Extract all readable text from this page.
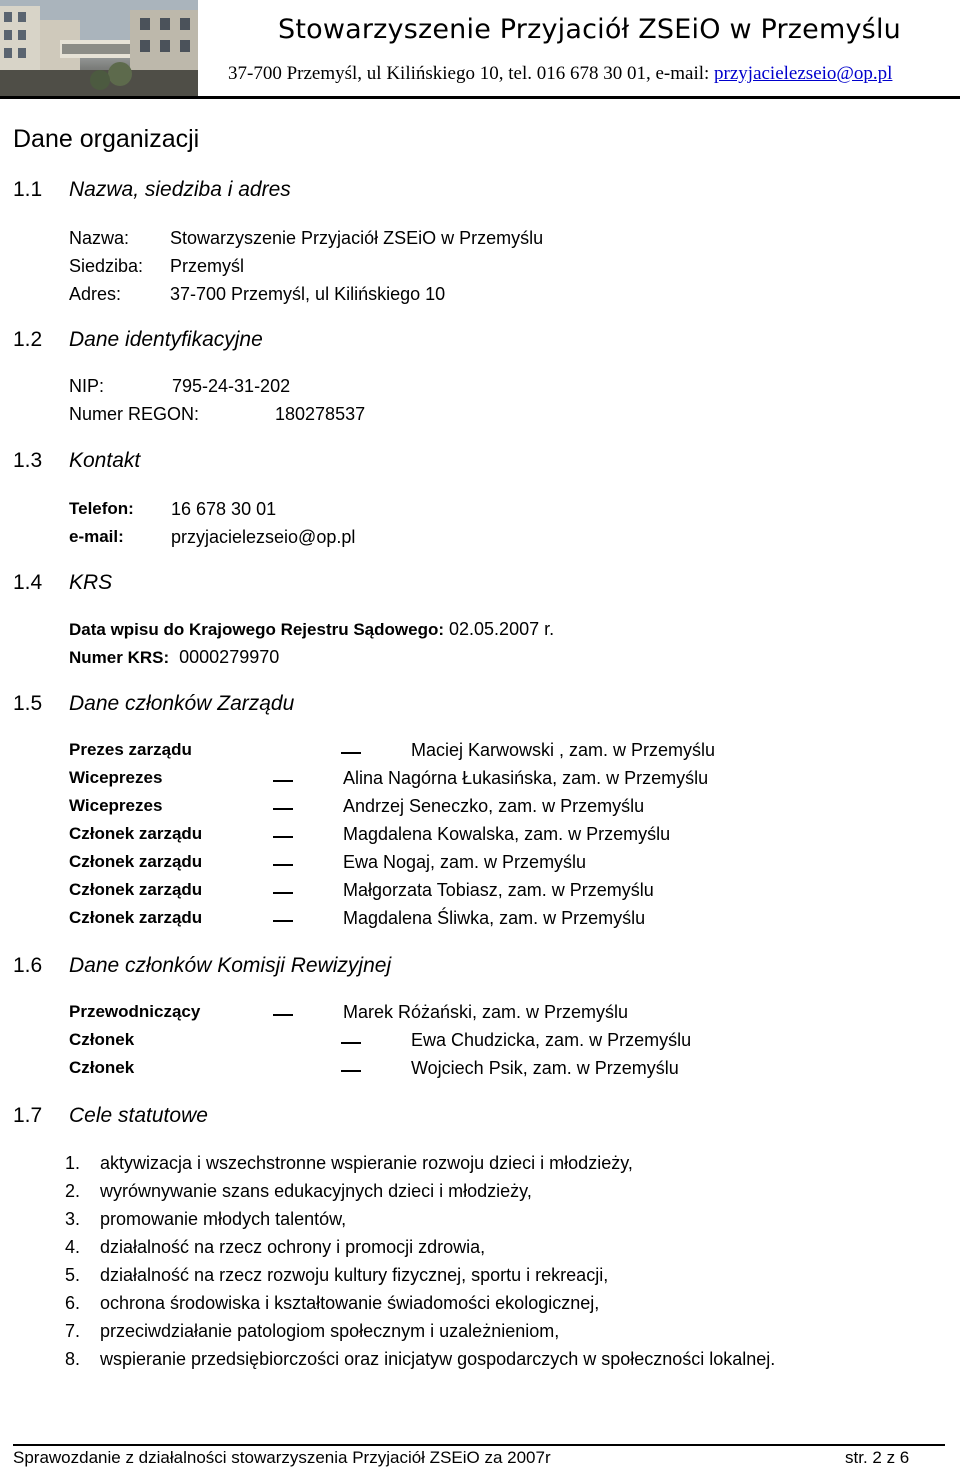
Stowarzyszenie Przyjaciół ZSEiO w Przemyślu
37-700 Przemyśl, ul Kilińskiego 10, tel. 016 678 30 01, e-mail: przyjacielezseio@op.pl
Dane organizacji
1.1 Nazwa, siedziba i adres
Nazwa: Stowarzyszenie Przyjaciół ZSEiO w Przemyślu
Siedziba: Przemyśl
Adres:	37-700 Przemyśl, ul Kilińskiego 10
1.2 Dane identyfikacyjne
NIP:	795-24-31-202
Numer REGON:	180278537
1.3 Kontakt
Telefon: 16 678 30 01
e-mail:	przyjacielezseio@op.pl
1.4 KRS
Data wpisu do Krajowego Rejestru Sądowego: 02.05.2007 r.
Numer KRS: 0000279970
1.5 Dane członków Zarządu
Prezes zarządu	Maciej Karwowski , zam. w Przemyślu
Wiceprezes	Alina Nagórna Łukasińska, zam. w Przemyślu
Wiceprezes	Andrzej Seneczko, zam. w Przemyślu
Członek zarządu	Magdalena Kowalska, zam. w Przemyślu
Członek zarządu	Ewa Nogaj, zam. w Przemyślu
Członek zarządu	Małgorzata Tobiasz, zam. w Przemyślu
Członek zarządu	Magdalena Śliwka, zam. w Przemyślu
1.6 Dane członków Komisji Rewizyjnej
Przewodniczący	Marek Różański, zam. w Przemyślu
Członek	Ewa Chudzicka, zam. w Przemyślu
Członek	Wojciech Psik, zam. w Przemyślu
1.7 Cele statutowe
1. aktywizacja i wszechstronne wspieranie rozwoju dzieci i młodzieży,
2. wyrównywanie szans edukacyjnych dzieci i młodzieży,
3. promowanie młodych talentów,
4. działalność na rzecz ochrony i promocji zdrowia,
5. działalność na rzecz rozwoju kultury fizycznej, sportu i rekreacji,
6. ochrona środowiska i kształtowanie świadomości ekologicznej,
7. przeciwdziałanie patologiom społecznym i uzależnieniom,
8. wspieranie przedsiębiorczości oraz inicjatyw gospodarczych w społeczności lokalnej.
Sprawozdanie z działalności stowarzyszenia Przyjaciół ZSEiO za 2007r	str. 2 z 6
